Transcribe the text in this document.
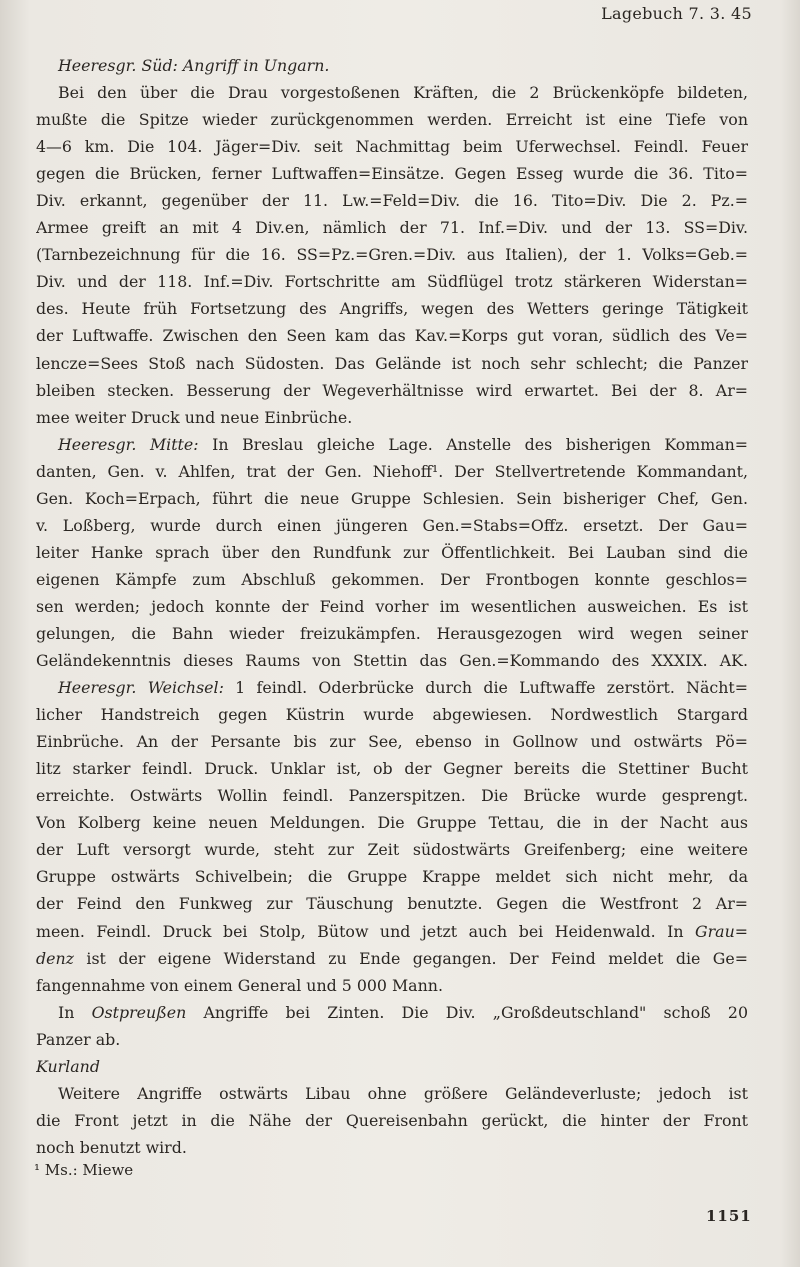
Lagebuch 7. 3. 45
Heeresgr. Süd: Angriff in Ungarn.
Bei den über die Drau vorgestoßenen Kräften, die 2 Brückenköpfe bildeten,
mußte die Spitze wieder zurückgenommen werden. Erreicht ist eine Tiefe von
4—6 km. Die 104. Jäger=Div. seit Nachmittag beim Uferwechsel. Feindl. Feuer
gegen die Brücken, ferner Luftwaffen=Einsätze. Gegen Esseg wurde die 36. Tito=
Div. erkannt, gegenüber der 11. Lw.=Feld=Div. die 16. Tito=Div. Die 2. Pz.=
Armee greift an mit 4 Div.en, nämlich der 71. Inf.=Div. und der 13. SS=Div.
(Tarnbezeichnung für die 16. SS=Pz.=Gren.=Div. aus Italien), der 1. Volks=Geb.=
Div. und der 118. Inf.=Div. Fortschritte am Südflügel trotz stärkeren Widerstan=
des. Heute früh Fortsetzung des Angriffs, wegen des Wetters geringe Tätigkeit
der Luftwaffe. Zwischen den Seen kam das Kav.=Korps gut voran, südlich des Ve=
lencze=Sees Stoß nach Südosten. Das Gelände ist noch sehr schlecht; die Panzer
bleiben stecken. Besserung der Wegeverhältnisse wird erwartet. Bei der 8. Ar=
mee weiter Druck und neue Einbrüche.
Heeresgr. Mitte: In Breslau gleiche Lage. Anstelle des bisherigen Komman=
danten, Gen. v. Ahlfen, trat der Gen. Niehoff¹. Der Stellvertretende Kommandant,
Gen. Koch=Erpach, führt die neue Gruppe Schlesien. Sein bisheriger Chef, Gen.
v. Loßberg, wurde durch einen jüngeren Gen.=Stabs=Offz. ersetzt. Der Gau=
leiter Hanke sprach über den Rundfunk zur Öffentlichkeit. Bei Lauban sind die
eigenen Kämpfe zum Abschluß gekommen. Der Frontbogen konnte geschlos=
sen werden; jedoch konnte der Feind vorher im wesentlichen ausweichen. Es ist
gelungen, die Bahn wieder freizukämpfen. Herausgezogen wird wegen seiner
Geländekenntnis dieses Raums von Stettin das Gen.=Kommando des XXXIX. AK.
Heeresgr. Weichsel: 1 feindl. Oderbrücke durch die Luftwaffe zerstört. Nächt=
licher Handstreich gegen Küstrin wurde abgewiesen. Nordwestlich Stargard
Einbrüche. An der Persante bis zur See, ebenso in Gollnow und ostwärts Pö=
litz starker feindl. Druck. Unklar ist, ob der Gegner bereits die Stettiner Bucht
erreichte. Ostwärts Wollin feindl. Panzerspitzen. Die Brücke wurde gesprengt.
Von Kolberg keine neuen Meldungen. Die Gruppe Tettau, die in der Nacht aus
der Luft versorgt wurde, steht zur Zeit südostwärts Greifenberg; eine weitere
Gruppe ostwärts Schivelbein; die Gruppe Krappe meldet sich nicht mehr, da
der Feind den Funkweg zur Täuschung benutzte. Gegen die Westfront 2 Ar=
meen. Feindl. Druck bei Stolp, Bütow und jetzt auch bei Heidenwald. In Grau=
denz ist der eigene Widerstand zu Ende gegangen. Der Feind meldet die Ge=
fangennahme von einem General und 5 000 Mann.
In Ostpreußen Angriffe bei Zinten. Die Div. „Großdeutschland" schoß 20
Panzer ab.
Kurland
Weitere Angriffe ostwärts Libau ohne größere Geländeverluste; jedoch ist
die Front jetzt in die Nähe der Quereisenbahn gerückt, die hinter der Front
noch benutzt wird.
¹ Ms.: Miewe
1151
